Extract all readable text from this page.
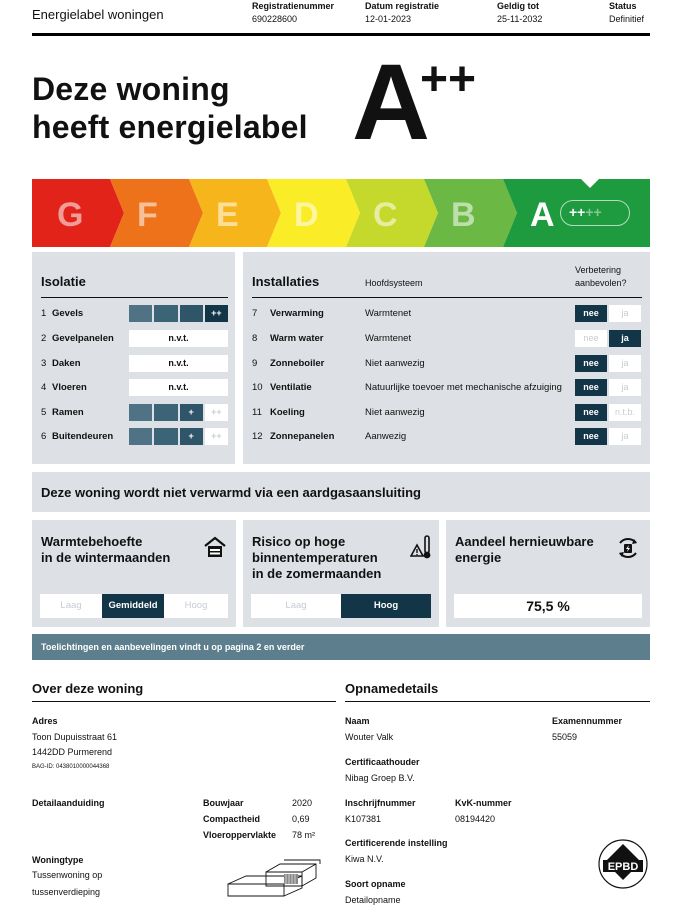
Energielabel woningen
Registratienummer
690228600
Datum registratie
12-01-2023
Geldig tot
25-11-2032
Status
Definitief
Deze woning
heeft energielabel A
++
G F E D C B A	++++
Isolatie
1 Gevels	++
2 Gevelpanelen	n.v.t.
3 Daken	n.v.t.
4 Vloeren	n.v.t.
5 Ramen	+	++
6 Buitendeuren	+	++
Installaties	Hoofdsysteem
Verbetering
aanbevolen?
7 Verwarming	Warmtenet	nee	ja
8 Warm water	Warmtenet	nee	ja
9 Zonneboiler	Niet aanwezig	nee	ja
10 Ventilatie	Natuurlijke toevoer met mechanische afzuiging	nee	ja
11 Koeling	Niet aanwezig	nee	n.t.b.
12 Zonnepanelen	Aanwezig	nee	ja
Deze woning wordt niet verwarmd via een aardgasaansluiting
Warmtebehoefte
in de wintermaanden
Laag	Gemiddeld	Hoog
Risico op hoge
binnentemperaturen
in de zomermaanden
Laag	Hoog
Aandeel hernieuwbare
energie
75,5 %
Toelichtingen en aanbevelingen vindt u op pagina 2 en verder
Over deze woning
Adres
Toon Dupuisstraat 61
1442DD Purmerend
BAG-ID: 0438010000044368
Detailaanduiding	Bouwjaar	2020
Compactheid	0,69
Vloeroppervlakte 78 m²
Woningtype
Tussenwoning op
tussenverdieping
Opnamedetails
Naam
Wouter Valk
Examennummer
55059
Certificaathouder
Nibag Groep B.V.
Inschrijfnummer
K107381
KvK-nummer
08194420
Certificerende instelling
Kiwa N.V.
Soort opname
Detailopname
EPBD
